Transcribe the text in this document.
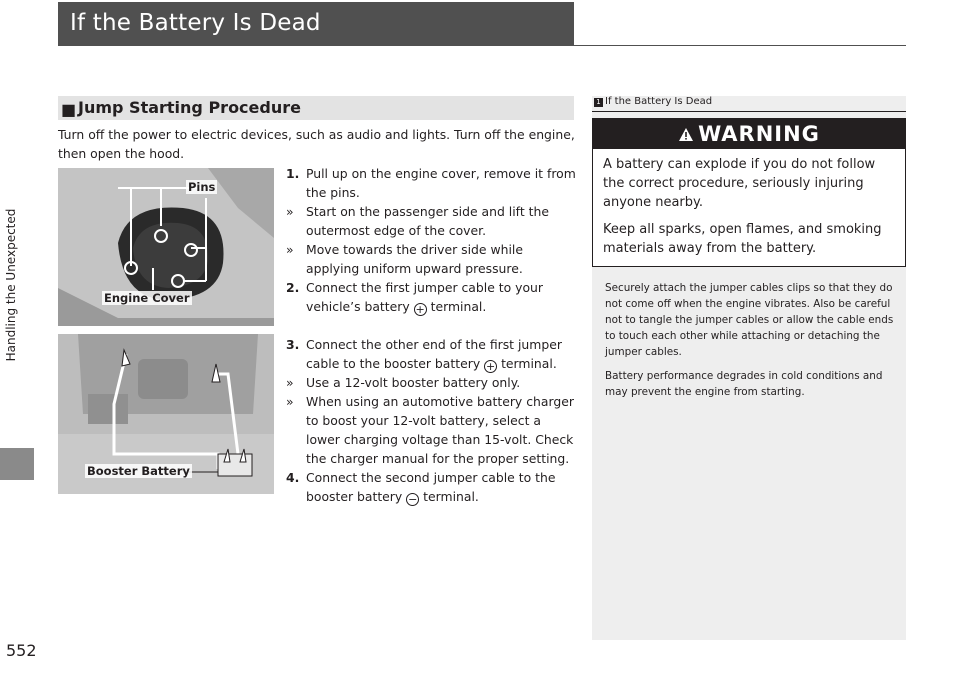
If the Battery Is Dead
Handling the Unexpected
552
■ Jump Starting Procedure
Turn off the power to electric devices, such as audio and lights. Turn off the engine, then open the hood.
Pins
Engine Cover
Booster Battery
1. Pull up on the engine cover, remove it from the pins.
» Start on the passenger side and lift the outermost edge of the cover.
» Move towards the driver side while applying uniform upward pressure.
2. Connect the first jumper cable to your vehicle’s battery + terminal.
3. Connect the other end of the first jumper cable to the booster battery + terminal.
» Use a 12-volt booster battery only.
» When using an automotive battery charger to boost your 12-volt battery, select a lower charging voltage than 15-volt. Check the charger manual for the proper setting.
4. Connect the second jumper cable to the booster battery − terminal.
1 If the Battery Is Dead
WARNING

A battery can explode if you do not follow the correct procedure, seriously injuring anyone nearby.

Keep all sparks, open flames, and smoking materials away from the battery.

Securely attach the jumper cables clips so that they do not come off when the engine vibrates. Also be careful not to tangle the jumper cables or allow the cable ends to touch each other while attaching or detaching the jumper cables.

Battery performance degrades in cold conditions and may prevent the engine from starting.
